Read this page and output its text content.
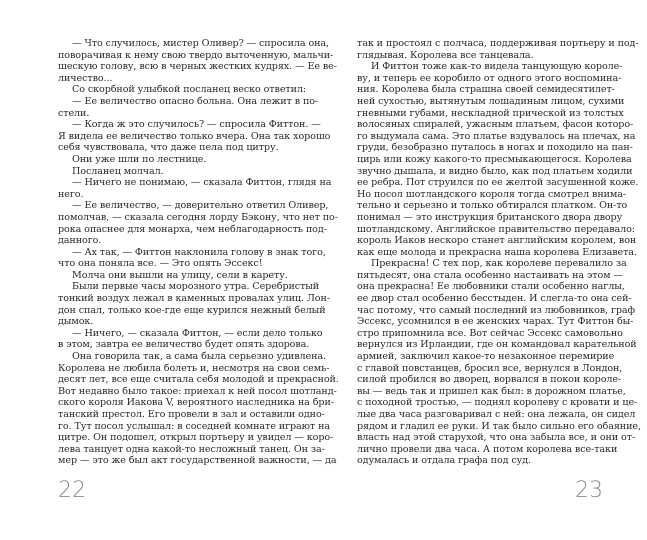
— Что случилось, мистер Оливер? — спросила она,
поворачивая к нему свою твердо выточенную, мальчи-
шескую голову, всю в черных жестких кудрях. — Ее ве-
личество...
Со скорбной улыбкой посланец веско ответил:
— Ее величество опасно больна. Она лежит в по-
стели.
— Когда ж это случилось? — спросила Фиттон. —
Я видела ее величество только вчера. Она так хорошо
себя чувствовала, что даже пела под цитру.
Они уже шли по лестнице.
Посланец молчал.
— Ничего не понимаю, — сказала Фиттон, глядя на
него.
— Ее величество, — доверительно ответил Оливер,
помолчав, — сказала сегодня лорду Бэкону, что нет по-
рока опаснее для монарха, чем неблагодарность под-
данного.
— Ах так, — Фиттон наклонила голову в знак того,
что она поняла все. — Это опять Эссекс!
Молча они вышли на улицу, сели в карету.
Были первые часы морозного утра. Серебристый
тонкий воздух лежал в каменных провалах улиц. Лон-
дон спал, только кое-где еще курился нежный белый
дымок.
— Ничего, — сказала Фиттон, — если дело только
в этом, завтра ее величество будет опять здорова.
Она говорила так, а сама была серьезно удивлена.
Королева не любила болеть и, несмотря на свои семь-
десят лет, все еще считала себя молодой и прекрасной.
Вот недавно было такое: приехал к ней посол шотланд-
ского короля Иакова V, вероятного наследника на бри-
танский престол. Его провели в зал и оставили одно-
го. Тут посол услышал: в соседней комнате играют на
цитре. Он подошел, открыл портьеру и увидел — коро-
лева танцует одна какой-то несложный танец. Он за-
мер — это же был акт государственной важности, — да
так и простоял с полчаса, поддерживая портьеру и под-
глядывая. Королева все танцевала.
И Фиттон тоже как-то видела танцующую короле-
ву, и теперь ее коробило от одного этого воспомина-
ния. Королева была страшна своей семидесятилет-
ней сухостью, вытянутым лошадиным лицом, сухими
гневными губами, нескладной прической из толстых
волосяных спиралей, ужасным платьем, фасон которо-
го выдумала сама. Это платье вздувалось на плечах, на
груди, безобразно путалось в ногах и походило на пан-
цирь или кожу какого-то пресмыкающегося. Королева
звучно дышала, и видно было, как под платьем ходили
ее ребра. Пот струился по ее желтой засушенной коже.
Но посол шотландского короля тогда смотрел внима-
тельно и серьезно и только обтирался платком. Он-то
понимал — это инструкция британского двора двору
шотландскому. Английское правительство передавало:
король Иаков нескоро станет английским королем, вон
как еще молода и прекрасна наша королева Елизавета.
Прекрасна! С тех пор, как королеве перевалило за
пятьдесят, она стала особенно настаивать на этом —
она прекрасна! Ее любовники стали особенно наглы,
ее двор стал особенно бесстыден. И слегла-то она сей-
час потому, что самый последний из любовников, граф
Эссекс, усомнился в ее женских чарах. Тут Фиттон бы-
стро припомнила все. Вот сейчас Эссекс самовольно
вернулся из Ирландии, где он командовал карательной
армией, заключил какое-то незаконное перемирие
с главой повстанцев, бросил все, вернулся в Лондон,
силой пробился во дворец, ворвался в покои короле-
вы — ведь так и пришел как был: в дорожном платье,
с походной тростью, — поднял королеву с кровати и це-
лые два часа разговаривал с ней: она лежала, он сидел
рядом и гладил ее руки. И так было сильно его обаяние,
власть над этой старухой, что она забыла все, и они от-
лично провели два часа. А потом королева все-таки
одумалась и отдала графа под суд.
22	23
